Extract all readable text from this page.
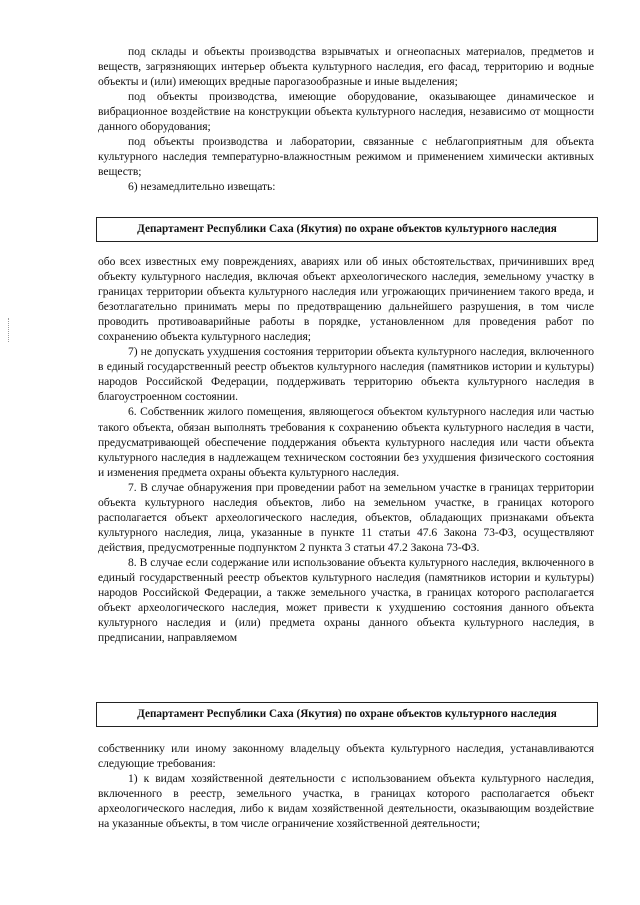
под склады и объекты производства взрывчатых и огнеопасных материалов, предметов и веществ, загрязняющих интерьер объекта культурного наследия, его фасад, территорию и водные объекты и (или) имеющих вредные парогазообразные и иные выделения;

под объекты производства, имеющие оборудование, оказывающее динамическое и вибрационное воздействие на конструкции объекта культурного наследия, независимо от мощности данного оборудования;

под объекты производства и лаборатории, связанные с неблагоприятным для объекта культурного наследия температурно-влажностным режимом и применением химически активных веществ;

6) незамедлительно извещать:

Департамент Республики Саха (Якутия) по охране объектов культурного наследия

обо всех известных ему повреждениях, авариях или об иных обстоятельствах, причинивших вред объекту культурного наследия, включая объект археологического наследия, земельному участку в границах территории объекта культурного наследия или угрожающих причинением такого вреда, и безотлагательно принимать меры по предотвращению дальнейшего разрушения, в том числе проводить противоаварийные работы в порядке, установленном для проведения работ по сохранению объекта культурного наследия;

7) не допускать ухудшения состояния территории объекта культурного наследия, включенного в единый государственный реестр объектов культурного наследия (памятников истории и культуры) народов Российской Федерации, поддерживать территорию объекта культурного наследия в благоустроенном состоянии.

6. Собственник жилого помещения, являющегося объектом культурного наследия или частью такого объекта, обязан выполнять требования к сохранению объекта культурного наследия в части, предусматривающей обеспечение поддержания объекта культурного наследия или части объекта культурного наследия в надлежащем техническом состоянии без ухудшения физического состояния и изменения предмета охраны объекта культурного наследия.

7. В случае обнаружения при проведении работ на земельном участке в границах территории объекта культурного наследия объектов, либо на земельном участке, в границах которого располагается объект археологического наследия, объектов, обладающих признаками объекта культурного наследия, лица, указанные в пункте 11 статьи 47.6 Закона 73-ФЗ, осуществляют действия, предусмотренные подпунктом 2 пункта 3 статьи 47.2 Закона 73-ФЗ.

8. В случае если содержание или использование объекта культурного наследия, включенного в единый государственный реестр объектов культурного наследия (памятников истории и культуры) народов Российской Федерации, а также земельного участка, в границах которого располагается объект археологического наследия, может привести к ухудшению состояния данного объекта культурного наследия и (или) предмета охраны данного объекта культурного наследия, в предписании, направляемом

Департамент Республики Саха (Якутия) по охране объектов культурного наследия

собственнику или иному законному владельцу объекта культурного наследия, устанавливаются следующие требования:

1) к видам хозяйственной деятельности с использованием объекта культурного наследия, включенного в реестр, земельного участка, в границах которого располагается объект археологического наследия, либо к видам хозяйственной деятельности, оказывающим воздействие на указанные объекты, в том числе ограничение хозяйственной деятельности;
